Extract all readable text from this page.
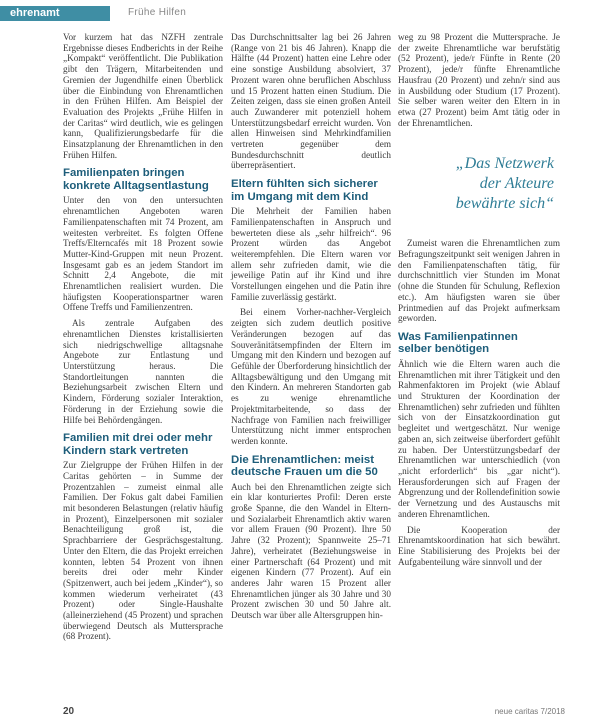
ehrenamt	Frühe Hilfen

Vor kurzem hat das NZFH zentrale Ergebnisse dieses Endberichts in der Reihe „Kompakt“ veröffentlicht. Die Publikation gibt den Trägern, Mitarbeitenden und Gremien der Jugendhilfe einen Überblick über die Einbindung von Ehrenamtlichen in den Frühen Hilfen. Am Beispiel der Evaluation des Projekts „Frühe Hilfen in der Caritas“ wird deutlich, wie es gelingen kann, Qualifizierungsbedarfe für die Einsatzplanung der Ehrenamtlichen in den Frühen Hilfen.

Familienpaten bringen
konkrete Alltagsentlastung

Unter den von den untersuchten ehrenamtlichen Angeboten waren Familienpatenschaften mit 74 Prozent, am weitesten verbreitet. Es folgten Offene Treffs/Elterncafés mit 18 Prozent sowie Mutter-Kind-Gruppen mit neun Prozent. Insgesamt gab es an jedem Standort im Schnitt 2,4 Angebote, die mit Ehrenamtlichen realisiert wurden. Die häufigsten Kooperationspartner waren Offene Treffs und Familienzentren.

Als zentrale Aufgaben des ehrenamtlichen Dienstes kristallisierten sich niedrigschwellige alltagsnahe Angebote zur Entlastung und Unterstützung heraus. Die Standortleitungen nannten die Beziehungsarbeit zwischen Eltern und Kindern, Förderung sozialer Interaktion, Förderung in der Erziehung sowie die Hilfe bei Behördengängen.

Familien mit drei oder mehr
Kindern stark vertreten

Zur Zielgruppe der Frühen Hilfen in der Caritas gehörten – in Summe der Prozentzahlen – zumeist einmal alle Familien. Der Fokus galt dabei Familien mit besonderen Belastungen (relativ häufig in Prozent), Einzelpersonen mit sozialer Benachteiligung groß ist, die Sprachbarriere der Gesprächsgestaltung. Unter den Eltern, die das Projekt erreichen konnten, lebten 54 Prozent von ihnen bereits drei oder mehr Kinder (Spitzenwert, auch bei jedem „Kinder“), so kommen wiederum verheiratet (43 Prozent) oder Single-Haushalte (alleinerziehend (45 Prozent) und sprachen überwiegend Deutsch als Muttersprache (68 Prozent).

Das Durchschnittsalter lag bei 26 Jahren (Range von 21 bis 46 Jahren). Knapp die Hälfte (44 Prozent) hatten eine Lehre oder eine sonstige Ausbildung absolviert, 37 Prozent waren ohne beruflichen Abschluss und 15 Prozent hatten einen Studium. Die Zeiten zeigen, dass sie einen großen Anteil auch Zuwanderer mit potenziell hohem Unterstützungsbedarf erreicht wurden. Von allen Hinweisen sind Mehrkindfamilien vertreten gegenüber dem Bundesdurchschnitt deutlich überrepräsentiert.

Eltern fühlten sich sicherer
im Umgang mit dem Kind

Die Mehrheit der Familien haben Familienpatenschaften in Anspruch und bewerteten diese als „sehr hilfreich“. 96 Prozent würden das Angebot weiterempfehlen. Die Eltern waren vor allem sehr zufrieden damit, wie die jeweilige Patin auf ihr Kind und ihre Vorstellungen eingehen und die Patin ihre Familie zuverlässig gestärkt.

Bei einem Vorher-nachher-Vergleich zeigten sich zudem deutlich positive Veränderungen bezogen auf das Souveränitätsempfinden der Eltern im Umgang mit den Kindern und bezogen auf Gefühle der Überforderung hinsichtlich der Alltagsbewältigung und den Umgang mit den Kindern. An mehreren Standorten gab es zu wenige ehrenamtliche Projektmitarbeitende, so dass der Nachfrage von Familien nach freiwilliger Unterstützung nicht immer entsprochen werden konnte.

Die Ehrenamtlichen: meist
deutsche Frauen um die 50

Auch bei den Ehrenamtlichen zeigte sich ein klar konturiertes Profil: Deren erste große Spanne, die den Wandel in Eltern- und Sozialarbeit Ehrenamtlich aktiv waren vor allem Frauen (90 Prozent). Ihre 50 Jahre (32 Prozent); Spannweite 25–71 Jahre), verheiratet (Beziehungsweise in einer Partnerschaft (64 Prozent) und mit eigenen Kindern (77 Prozent). Auf ein anderes Jahr waren 15 Prozent aller Ehrenamtlichen jünger als 30 Jahre und 30 Prozent zwischen 30 und 50 Jahre alt. Deutsch war über alle Altersgruppen hin-

weg zu 98 Prozent die Muttersprache. Je der zweite Ehrenamtliche war berufstätig (52 Prozent), jede/r Fünfte in Rente (20 Prozent), jede/r fünfte Ehrenamtliche Hausfrau (20 Prozent) und zehn/r sind aus in Ausbildung oder Studium (17 Prozent). Sie selber waren weiter den Eltern in in etwa (27 Prozent) beim Amt tätig oder in der Ehrenamtlichen.

„Das Netzwerk
der Akteure
bewährte sich“

Zumeist waren die Ehrenamtlichen zum Befragungszeitpunkt seit wenigen Jahren in den Familienpatenschaften tätig, für durchschnittlich vier Stunden im Monat (ohne die Stunden für Schulung, Reflexion etc.). Am häufigsten waren sie über Printmedien auf das Projekt aufmerksam geworden.

Was Familienpatinnen
selber benötigen

Ähnlich wie die Eltern waren auch die Ehrenamtlichen mit ihrer Tätigkeit und den Rahmenfaktoren im Projekt (wie Ablauf und Strukturen der Koordination der Ehrenamtlichen) sehr zufrieden und fühlten sich von der Einsatzkoordination gut begleitet und wertgeschätzt. Nur wenige gaben an, sich zeitweise überfordert gefühlt zu haben. Der Unterstützungsbedarf der Ehrenamtlichen war unterschiedlich (von „nicht erforderlich“ bis „gar nicht“). Herausforderungen sich auf Fragen der Abgrenzung und der Rollendefinition sowie der Vernetzung und des Austauschs mit anderen Ehrenamtlichen.

Die Kooperation der Ehrenamtskoordination hat sich bewährt. Eine Stabilisierung des Projekts bei der Aufgabenteilung wäre sinnvoll und der

20	neue caritas 7/2018
